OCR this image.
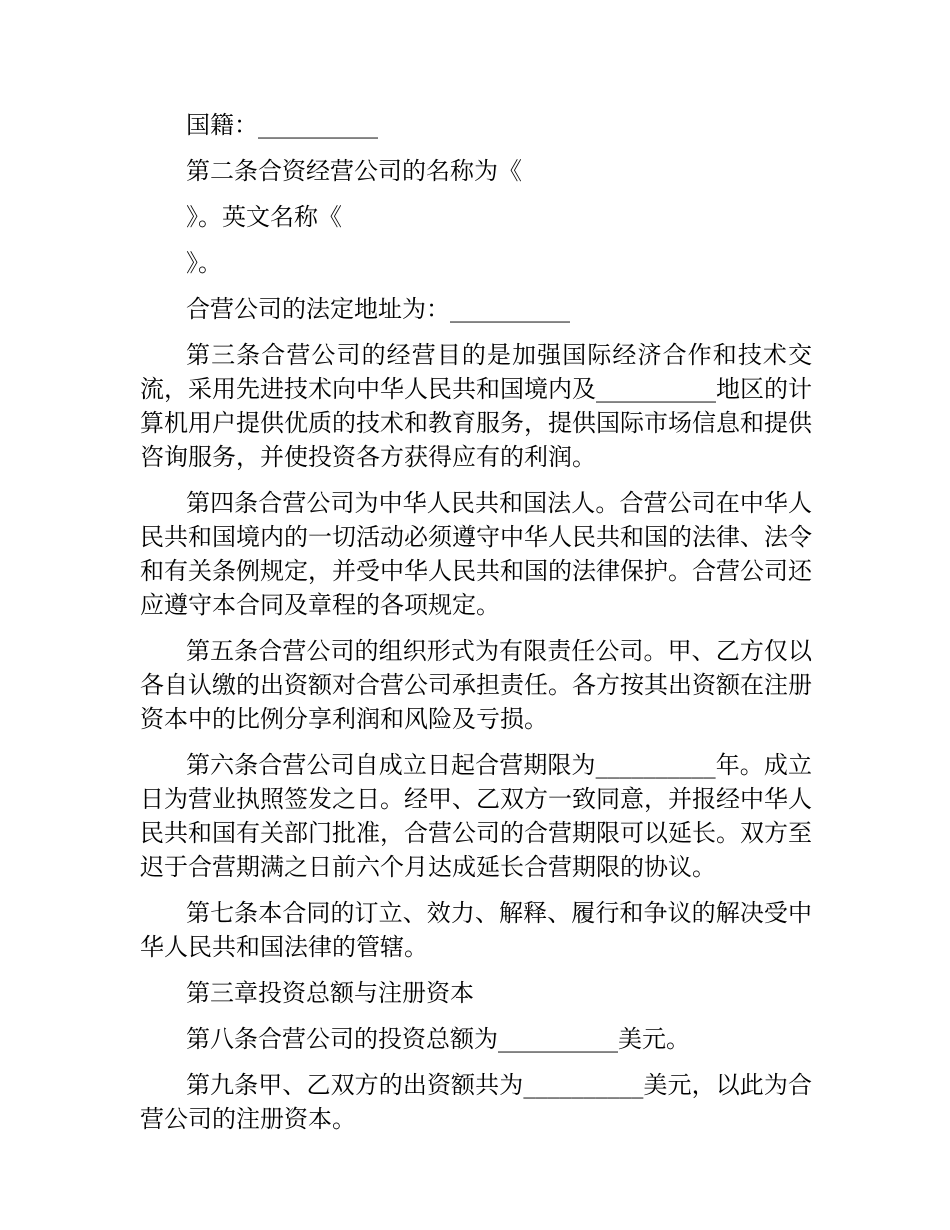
国籍：__________

第二条合资经营公司的名称为《

》。英文名称《

》。

合营公司的法定地址为：__________

第三条合营公司的经营目的是加强国际经济合作和技术交流，采用先进技术向中华人民共和国境内及__________地区的计算机用户提供优质的技术和教育服务，提供国际市场信息和提供咨询服务，并使投资各方获得应有的利润。

第四条合营公司为中华人民共和国法人。合营公司在中华人民共和国境内的一切活动必须遵守中华人民共和国的法律、法令和有关条例规定，并受中华人民共和国的法律保护。合营公司还应遵守本合同及章程的各项规定。

第五条合营公司的组织形式为有限责任公司。甲、乙方仅以各自认缴的出资额对合营公司承担责任。各方按其出资额在注册资本中的比例分享利润和风险及亏损。

第六条合营公司自成立日起合营期限为__________年。成立日为营业执照签发之日。经甲、乙双方一致同意，并报经中华人民共和国有关部门批准，合营公司的合营期限可以延长。双方至迟于合营期满之日前六个月达成延长合营期限的协议。

第七条本合同的订立、效力、解释、履行和争议的解决受中华人民共和国法律的管辖。

第三章投资总额与注册资本

第八条合营公司的投资总额为__________美元。

第九条甲、乙双方的出资额共为__________美元，以此为合营公司的注册资本。
